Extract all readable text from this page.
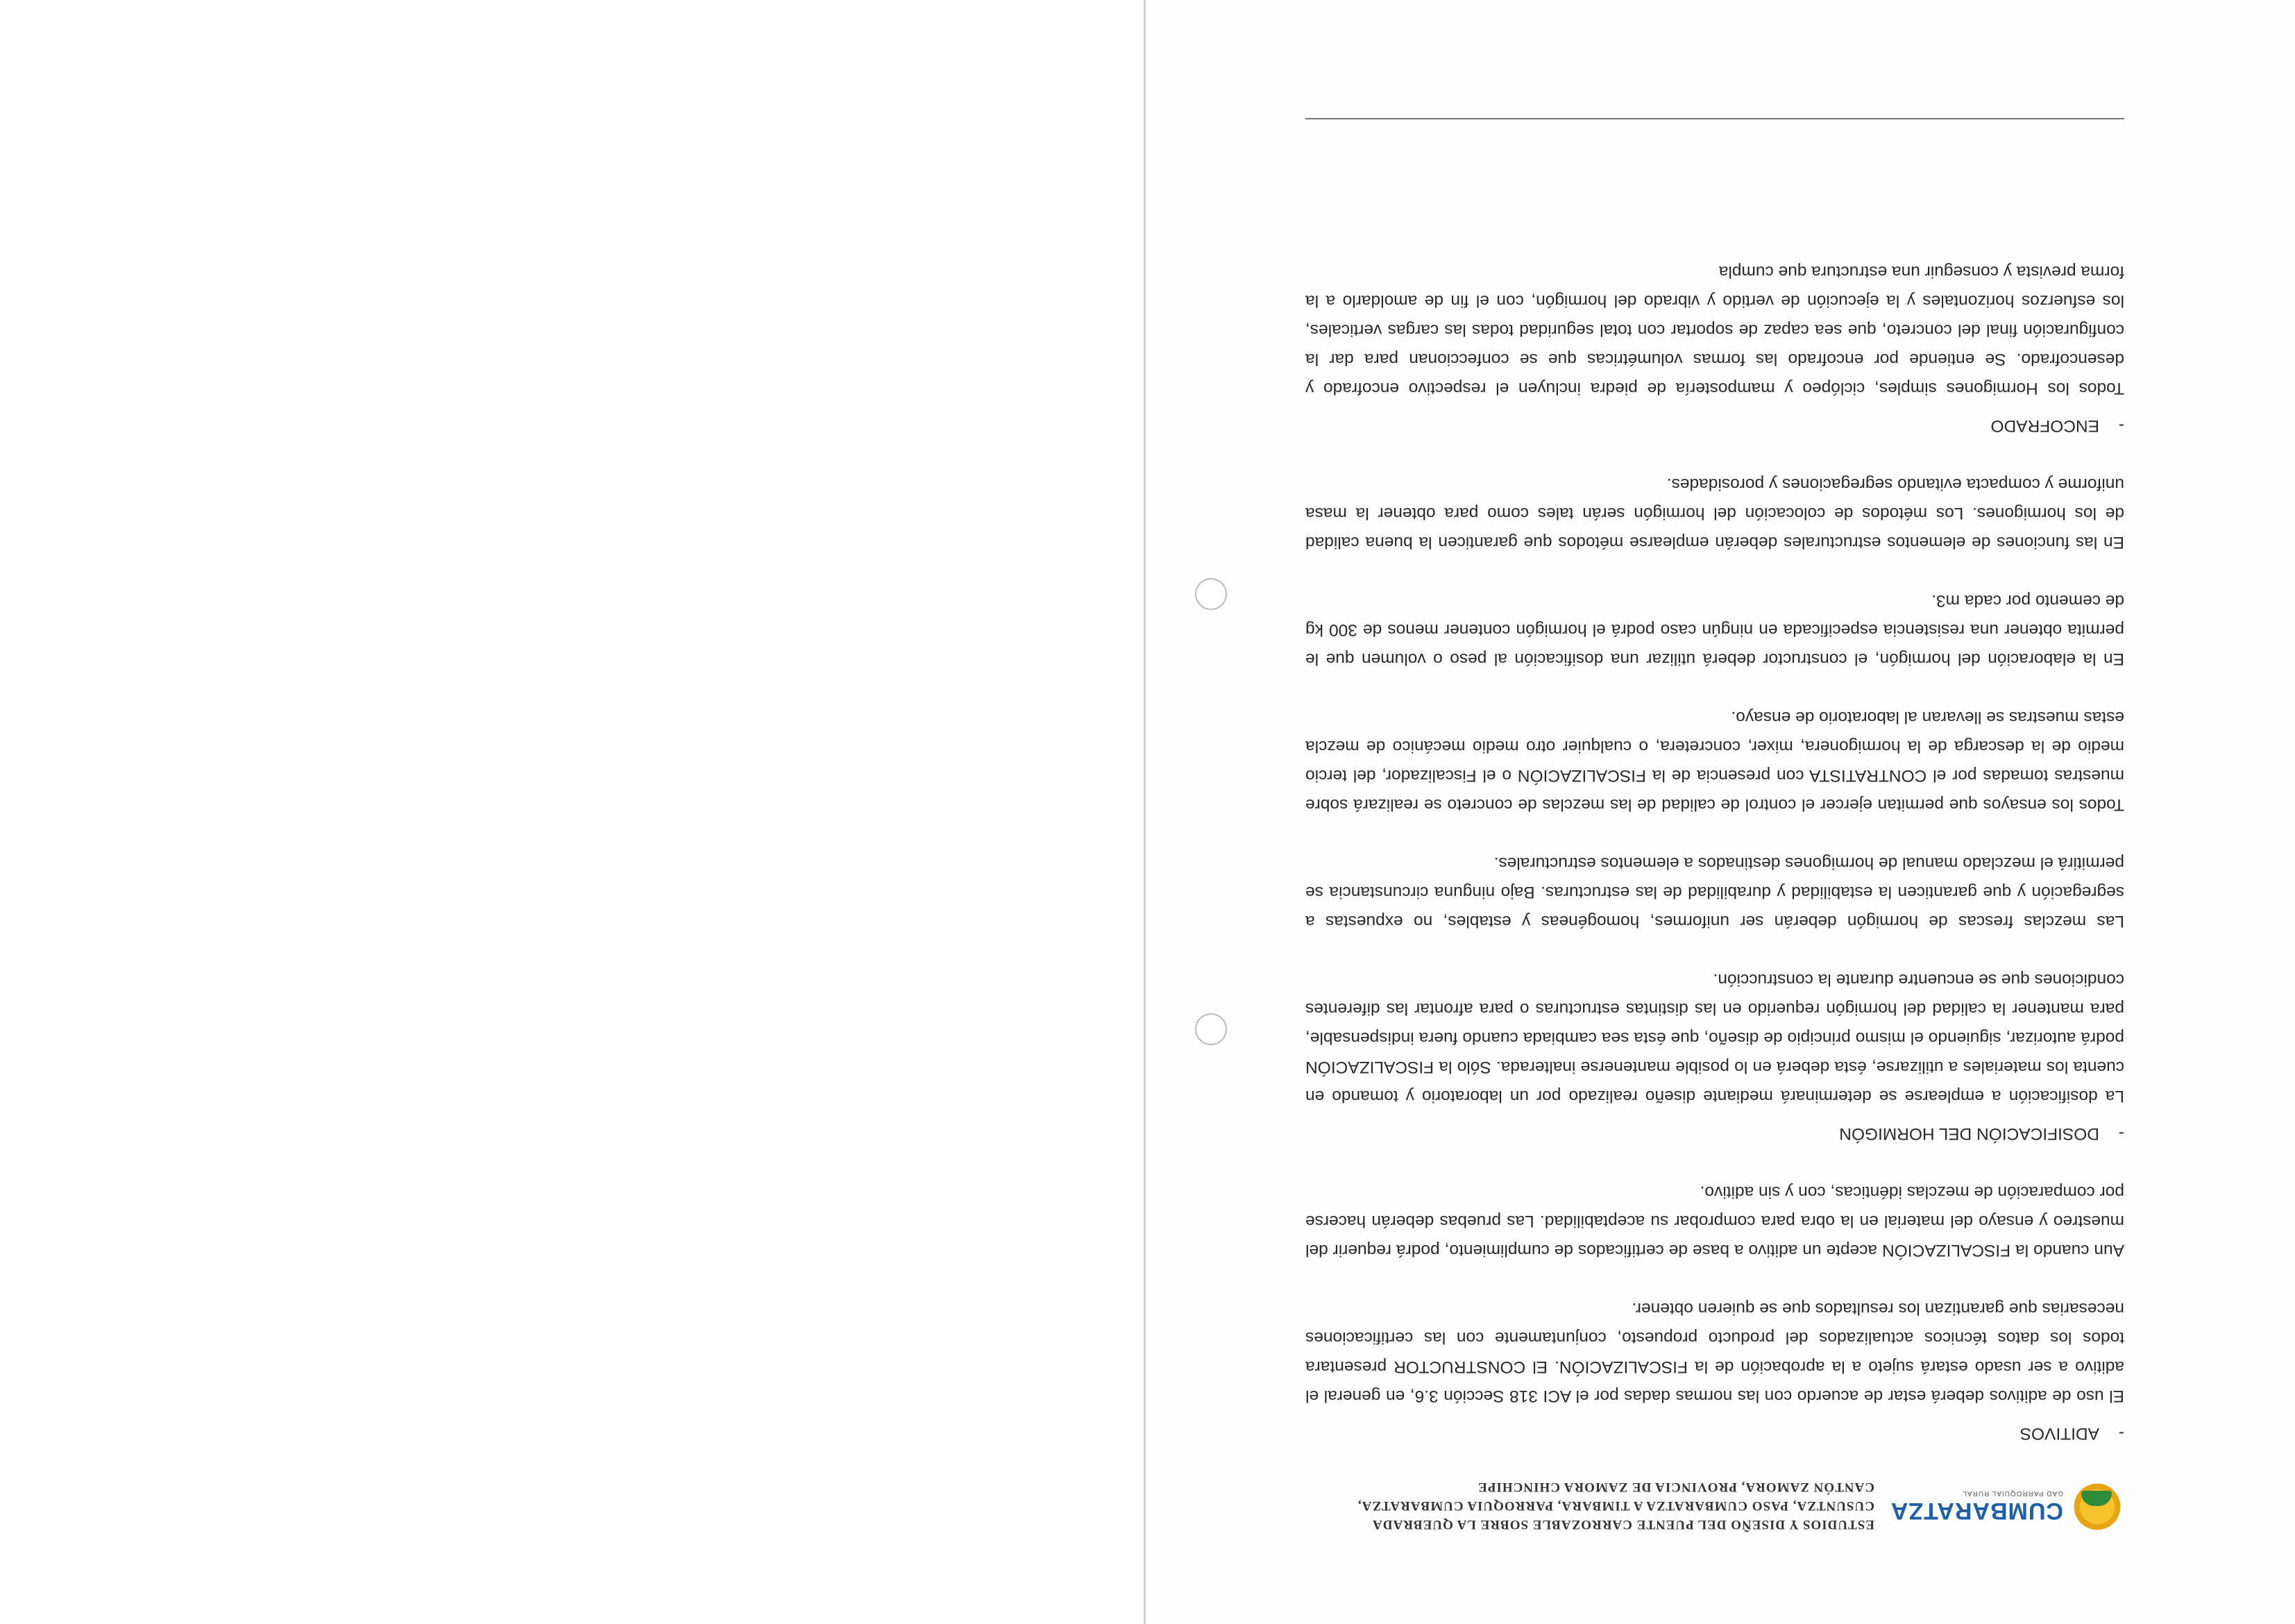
CUMBARATZA
GAD PARROQUIAL RURAL
ESTUDIOS Y DISEÑO DEL PUENTE CARROZABLE SOBRE LA QUEBRADA
CUSUNTZA, PASO CUMBARATZA A TIMBARA, PARROQUIA CUMBARATZA,
CANTÓN ZAMORA, PROVINCIA DE ZAMORA CHINCHIPE
-
ADITIVOS

El uso de aditivos deberá estar de acuerdo con las normas dadas por el ACI 318 Sección 3.6, en general el aditivo a ser usado estará sujeto a la aprobación de la FISCALIZACIÓN. El CONSTRUCTOR presentara todos los datos técnicos actualizados del producto propuesto, conjuntamente con las certificaciones necesarias que garantizan los resultados que se quieren obtener.

Aun cuando la FISCALIZACIÓN acepte un aditivo a base de certificados de cumplimiento, podrá requerir del muestreo y ensayo del material en la obra para comprobar su aceptabilidad. Las pruebas deberán hacerse por comparación de mezclas idénticas, con y sin aditivo.

-
DOSIFICACIÓN DEL HORMIGÓN

La dosificación a emplearse se determinará mediante diseño realizado por un laboratorio y tomando en cuenta los materiales a utilizarse, ésta deberá en lo posible mantenerse inalterada. Sólo la FISCALIZACIÓN podrá autorizar, siguiendo el mismo principio de diseño, que ésta sea cambiada cuando fuera indispensable, para mantener la calidad del hormigón requerido en las distintas estructuras o para afrontar las diferentes condiciones que se encuentre durante la construcción.

Las mezclas frescas de hormigón deberán ser uniformes, homogéneas y estables, no expuestas a segregación y que garanticen la estabilidad y durabilidad de las estructuras. Bajo ninguna circunstancia se permitirá el mezclado manual de hormigones destinados a elementos estructurales.

Todos los ensayos que permitan ejercer el control de calidad de las mezclas de concreto se realizará sobre muestras tomadas por el CONTRATISTA con presencia de la FISCALIZACIÓN o el Fiscalizador, del tercio medio de la descarga de la hormigonera, mixer, concretera, o cualquier otro medio mecánico de mezcla estas muestras se llevaran al laboratorio de ensayo.

En la elaboración del hormigón, el constructor deberá utilizar una dosificación al peso o volumen que le permita obtener una resistencia especificada en ningún caso podrá el hormigón contener menos de 300 kg de cemento por cada m3.

En las funciones de elementos estructurales deberán emplearse métodos que garanticen la buena calidad de los hormigones. Los métodos de colocación del hormigón serán tales como para obtener la masa uniforme y compacta evitando segregaciones y porosidades.

-
ENCOFRADO

Todos los Hormigones simples, ciclópeo y mampostería de piedra incluyen el respectivo encofrado y desencofrado. Se entiende por encofrado las formas volumétricas que se confeccionan para dar la configuración final del concreto, que sea capaz de soportar con total seguridad todas las cargas verticales, los esfuerzos horizontales y la ejecución de vertido y vibrado del hormigón, con el fin de amoldarlo a la forma prevista y conseguir una estructura que cumpla
